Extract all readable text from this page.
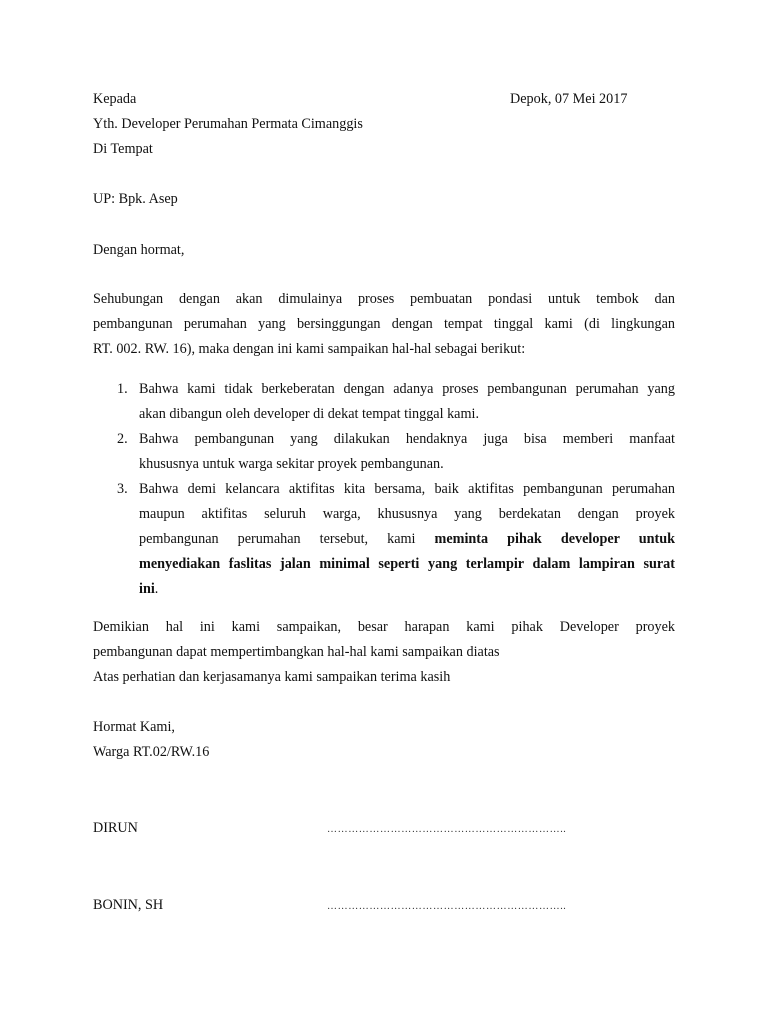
Kepada	Depok, 07 Mei 2017
Yth. Developer Perumahan Permata Cimanggis
Di Tempat
UP: Bpk. Asep
Dengan hormat,
Sehubungan dengan akan dimulainya proses pembuatan pondasi untuk tembok dan
pembangunan perumahan yang bersinggungan dengan tempat tinggal kami (di lingkungan
RT. 002. RW. 16), maka dengan ini kami sampaikan hal-hal sebagai berikut:
1. Bahwa kami tidak berkeberatan dengan adanya proses pembangunan perumahan yang
akan dibangun oleh developer di dekat tempat tinggal kami.
2. Bahwa pembangunan yang dilakukan hendaknya juga bisa memberi manfaat
khususnya untuk warga sekitar proyek pembangunan.
3. Bahwa demi kelancara aktifitas kita bersama, baik aktifitas pembangunan perumahan
maupun aktifitas seluruh warga, khususnya yang berdekatan dengan proyek
pembangunan perumahan tersebut, kami meminta pihak developer untuk
menyediakan faslitas jalan minimal seperti yang terlampir dalam lampiran surat
ini.
Demikian hal ini kami sampaikan, besar harapan kami pihak Developer proyek
pembangunan dapat mempertimbangkan hal-hal kami sampaikan diatas
Atas perhatian dan kerjasamanya kami sampaikan terima kasih
Hormat Kami,
Warga RT.02/RW.16
DIRUN	…………………………………………………………..
BONIN, SH	…………………………………………………………..
